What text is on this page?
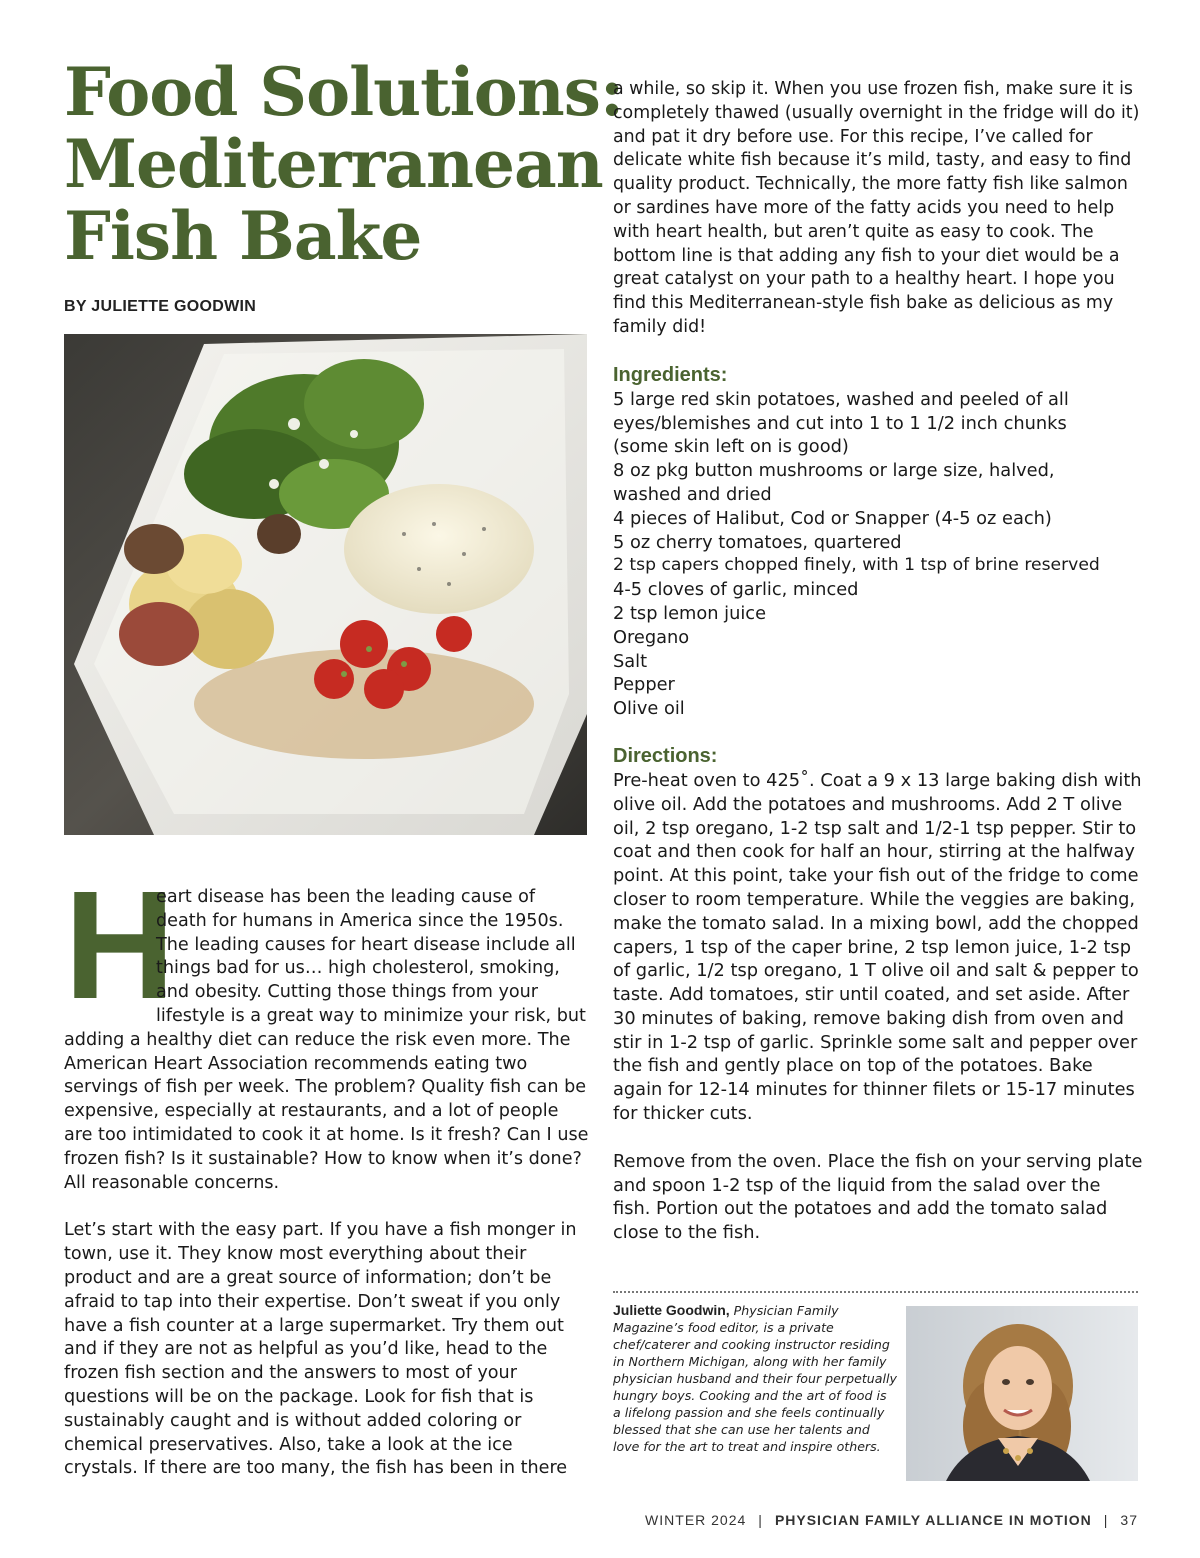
Food Solutions:
Mediterranean
Fish Bake
BY JULIETTE GOODWIN
H

eart disease has been the leading cause of death for humans in America since the 1950s. The leading causes for heart disease include all things bad for us… high cholesterol, smoking, and obesity. Cutting those things from your lifestyle is a great way to minimize your risk, but adding a healthy diet can reduce the risk even more. The American Heart Association recommends eating two servings of fish per week. The problem? Quality fish can be expensive, especially at restaurants, and a lot of people are too intimidated to cook it at home. Is it fresh? Can I use frozen fish? Is it sustainable? How to know when it’s done? All reasonable concerns.

Let’s start with the easy part. If you have a fish monger in town, use it. They know most everything about their product and are a great source of information; don’t be afraid to tap into their expertise. Don’t sweat if you only have a fish counter at a large supermarket. Try them out and if they are not as helpful as you’d like, head to the frozen fish section and the answers to most of your questions will be on the package. Look for fish that is sustainably caught and is without added coloring or chemical preservatives. Also, take a look at the ice crystals. If there are too many, the fish has been in there

a while, so skip it. When you use frozen fish, make sure it is completely thawed (usually overnight in the fridge will do it) and pat it dry before use. For this recipe, I’ve called for delicate white fish because it’s mild, tasty, and easy to find quality product. Technically, the more fatty fish like salmon or sardines have more of the fatty acids you need to help with heart health, but aren’t quite as easy to cook. The bottom line is that adding any fish to your diet would be a great catalyst on your path to a healthy heart. I hope you find this Mediterranean-style fish bake as delicious as my family did!

Ingredients:
5 large red skin potatoes, washed and peeled of all
eyes/blemishes and cut into 1 to 1 1/2 inch chunks
(some skin left on is good)
8 oz pkg button mushrooms or large size, halved,
washed and dried
4 pieces of Halibut, Cod or Snapper (4-5 oz each)
5 oz cherry tomatoes, quartered
2 tsp capers chopped finely, with 1 tsp of brine reserved
4-5 cloves of garlic, minced
2 tsp lemon juice
Oregano
Salt
Pepper
Olive oil
Directions:

Pre-heat oven to 425˚. Coat a 9 x 13 large baking dish with olive oil. Add the potatoes and mushrooms. Add 2 T olive oil, 2 tsp oregano, 1-2 tsp salt and 1/2-1 tsp pepper. Stir to coat and then cook for half an hour, stirring at the halfway point. At this point, take your fish out of the fridge to come closer to room temperature. While the veggies are baking, make the tomato salad. In a mixing bowl, add the chopped capers, 1 tsp of the caper brine, 2 tsp lemon juice, 1-2 tsp of garlic, 1/2 tsp oregano, 1 T olive oil and salt & pepper to taste. Add tomatoes, stir until coated, and set aside. After 30 minutes of baking, remove baking dish from oven and stir in 1-2 tsp of garlic. Sprinkle some salt and pepper over the fish and gently place on top of the potatoes. Bake again for 12-14 minutes for thinner filets or 15-17 minutes for thicker cuts.

Remove from the oven. Place the fish on your serving plate and spoon 1-2 tsp of the liquid from the salad over the fish. Portion out the potatoes and add the tomato salad close to the fish.

Juliette Goodwin, Physician Family Magazine’s food editor, is a private chef/caterer and cooking instructor residing in Northern Michigan, along with her family physician husband and their four perpetually hungry boys. Cooking and the art of food is a lifelong passion and she feels continually blessed that she can use her talents and love for the art to treat and inspire others.
WINTER 2024 | PHYSICIAN FAMILY ALLIANCE IN MOTION | 37
